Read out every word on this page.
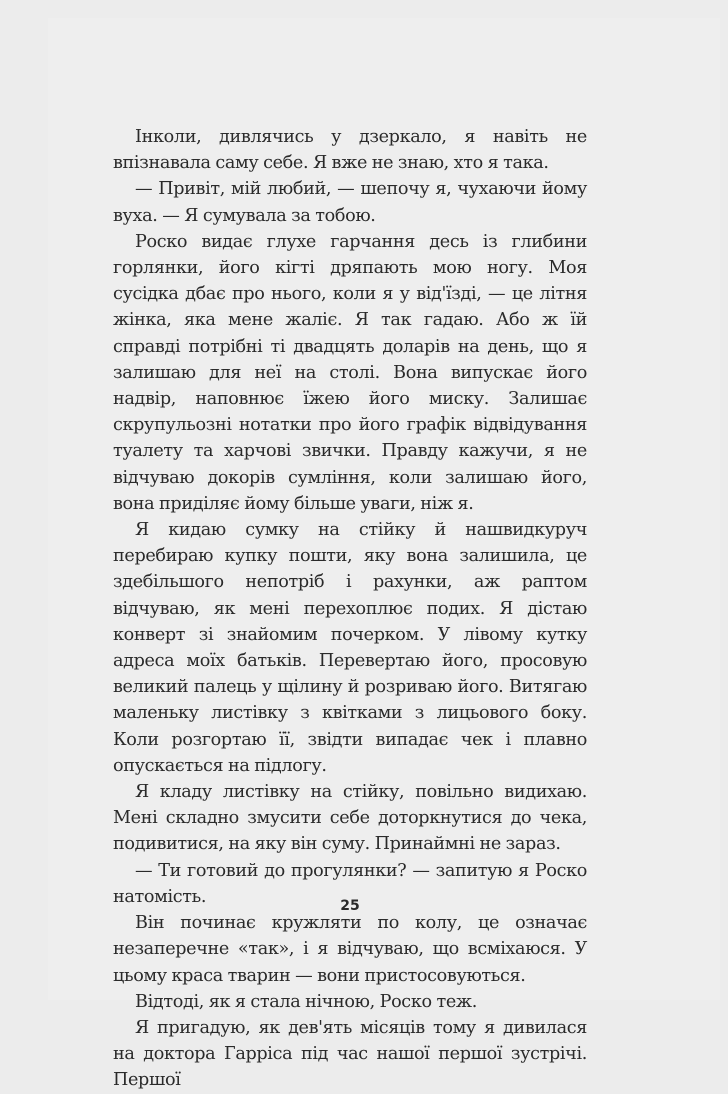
Інколи, дивлячись у дзеркало, я навіть не впізнавала саму себе. Я вже не знаю, хто я така.

— Привіт, мій любий, — шепочу я, чухаючи йому вуха. — Я сумувала за тобою.

Роско видає глухе гарчання десь із глибини горлянки, його кігті дряпають мою ногу. Моя сусідка дбає про нього, коли я у від'їзді, — це літня жінка, яка мене жаліє. Я так гадаю. Або ж їй справді потрібні ті двадцять доларів на день, що я залишаю для неї на столі. Вона випускає його надвір, наповнює їжею його миску. Залишає скрупульозні нотатки про його графік відвідування туалету та харчові звички. Правду кажучи, я не відчуваю докорів сумління, коли залишаю його, вона приділяє йому більше уваги, ніж я.

Я кидаю сумку на стійку й нашвидкуруч перебираю купку пошти, яку вона залишила, це здебільшого непотріб і рахунки, аж раптом відчуваю, як мені перехоплює подих. Я дістаю конверт зі знайомим почерком. У лівому кутку адреса моїх батьків. Перевертаю його, просовую великий палець у щілину й розриваю його. Витягаю маленьку листівку з квітками з лицьового боку. Коли розгортаю її, звідти випадає чек і плавно опускається на підлогу.

Я кладу листівку на стійку, повільно видихаю. Мені складно змусити себе доторкнутися до чека, подивитися, на яку він суму. Принаймні не зараз.

— Ти готовий до прогулянки? — запитую я Роско натомість.

Він починає кружляти по колу, це означає незаперечне «так», і я відчуваю, що всміхаюся. У цьому краса тварин — вони пристосовуються.

Відтоді, як я стала нічною, Роско теж.

Я пригадую, як дев'ять місяців тому я дивилася на доктора Гарріса під час нашої першої зустрічі. Першої

25
